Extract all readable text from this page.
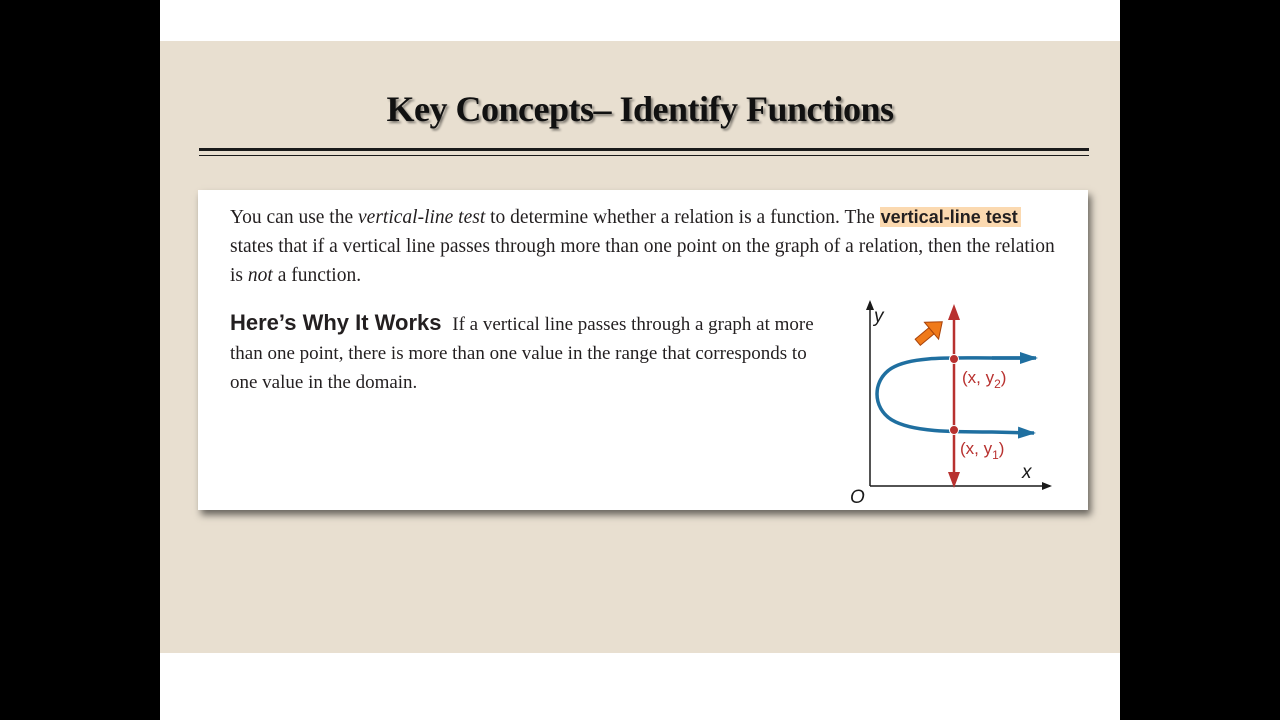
Key Concepts– Identify Functions
You can use the vertical-line test to determine whether a relation is a function. The vertical-line test states that if a vertical line passes through more than one point on the graph of a relation, then the relation is not a function.
Here’s Why It Works If a vertical line passes through a graph at more than one point, there is more than one value in the range that corresponds to one value in the domain.
y
x
O
(x, $y_2$)
(x, $y_1$)
